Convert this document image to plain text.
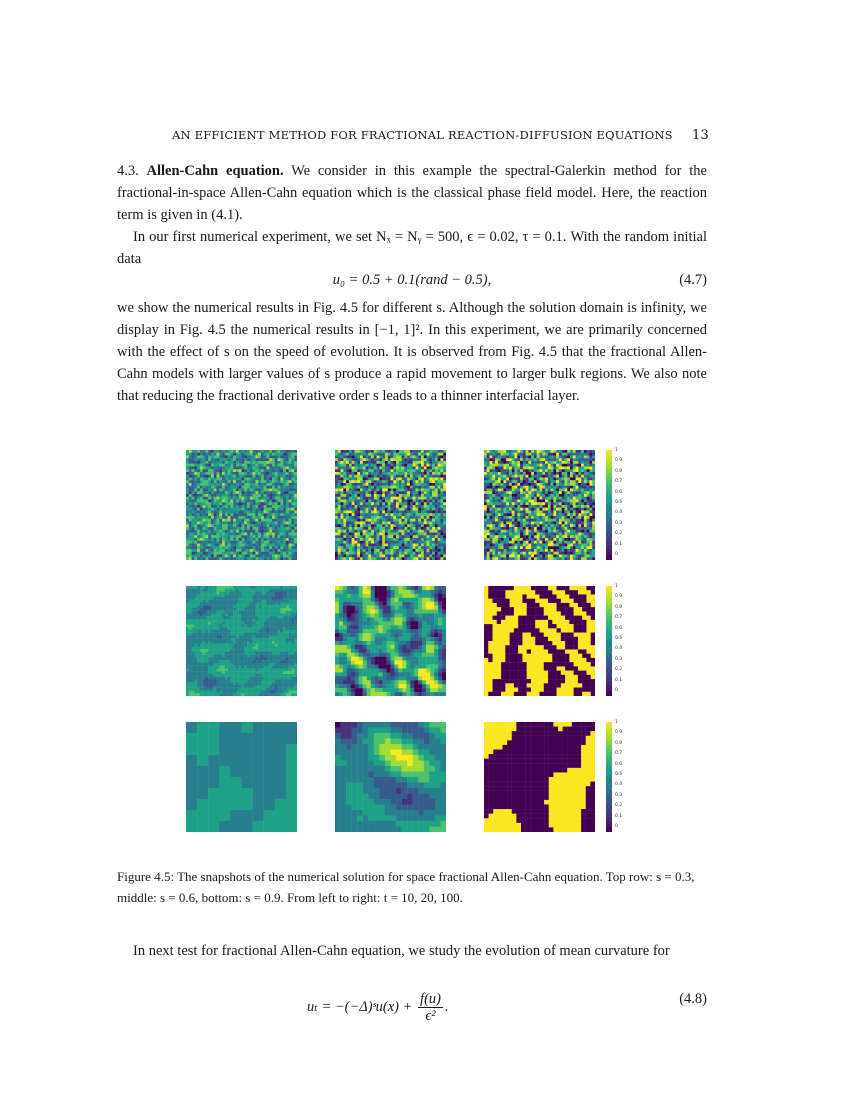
AN EFFICIENT METHOD FOR FRACTIONAL REACTION-DIFFUSION EQUATIONS 13

4.3. Allen-Cahn equation. We consider in this example the spectral-Galerkin method for the fractional-in-space Allen-Cahn equation which is the classical phase field model. Here, the reaction term is given in (4.1).

In our first numerical experiment, we set Nₓ = Nᵧ = 500, ϵ = 0.02, τ = 0.1. With the random initial data

u₀ = 0.5 + 0.1(rand − 0.5),	(4.7)

we show the numerical results in Fig. 4.5 for different s. Although the solution domain is infinity, we display in Fig. 4.5 the numerical results in [−1, 1]². In this experiment, we are primarily concerned with the effect of s on the speed of evolution. It is observed from Fig. 4.5 that the fractional Allen-Cahn models with larger values of s produce a rapid movement to larger bulk regions. We also note that reducing the fractional derivative order s leads to a thinner interfacial layer.

1
0.9
0.8
0.7
0.6
0.5
0.4
0.3
0.2
0.1
0
1
0.9
0.8
0.7
0.6
0.5
0.4
0.3
0.2
0.1
0
1
0.9
0.8
0.7
0.6
0.5
0.4
0.3
0.2
0.1
0
Figure 4.5: The snapshots of the numerical solution for space fractional Allen-Cahn equation. Top row: s = 0.3, middle: s = 0.6, bottom: s = 0.9. From left to right: t = 10, 20, 100.

In next test for fractional Allen-Cahn equation, we study the evolution of mean curvature for

uₜ = −(−Δ)ˢu(x) + $\frac{f(u)}{\text{ϵ²}}$ .	(4.8)
